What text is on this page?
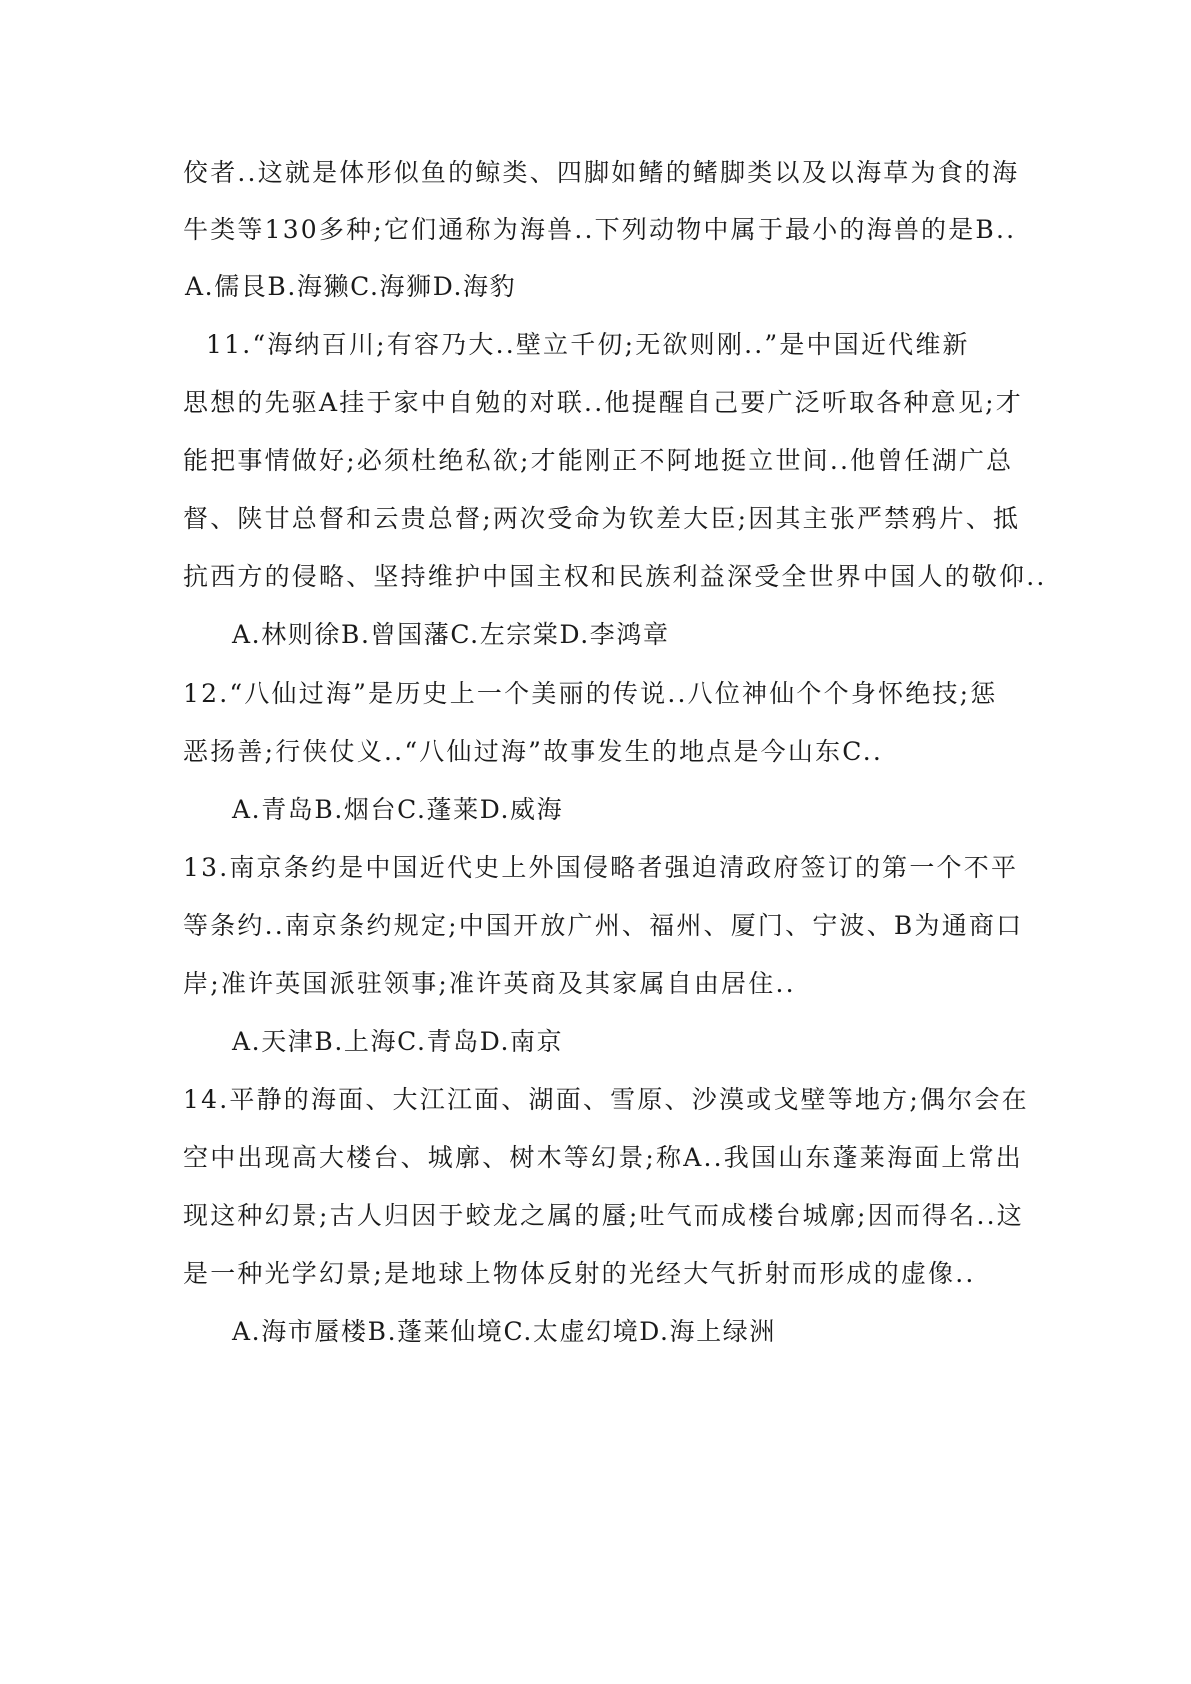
佼者..这就是体形似鱼的鲸类、四脚如鳍的鳍脚类以及以海草为食的海
牛类等130多种;它们通称为海兽..下列动物中属于最小的海兽的是B..
A.儒艮B.海獭C.海狮D.海豹
11.“海纳百川;有容乃大..壁立千仞;无欲则刚..”是中国近代维新
思想的先驱A挂于家中自勉的对联..他提醒自己要广泛听取各种意见;才
能把事情做好;必须杜绝私欲;才能刚正不阿地挺立世间..他曾任湖广总
督、陕甘总督和云贵总督;两次受命为钦差大臣;因其主张严禁鸦片、抵
抗西方的侵略、坚持维护中国主权和民族利益深受全世界中国人的敬仰..
A.林则徐B.曾国藩C.左宗棠D.李鸿章
12.“八仙过海”是历史上一个美丽的传说..八位神仙个个身怀绝技;惩
恶扬善;行侠仗义..“八仙过海”故事发生的地点是今山东C..
A.青岛B.烟台C.蓬莱D.威海
13.南京条约是中国近代史上外国侵略者强迫清政府签订的第一个不平
等条约..南京条约规定;中国开放广州、福州、厦门、宁波、B为通商口
岸;准许英国派驻领事;准许英商及其家属自由居住..
A.天津B.上海C.青岛D.南京
14.平静的海面、大江江面、湖面、雪原、沙漠或戈壁等地方;偶尔会在
空中出现高大楼台、城廓、树木等幻景;称A..我国山东蓬莱海面上常出
现这种幻景;古人归因于蛟龙之属的蜃;吐气而成楼台城廓;因而得名..这
是一种光学幻景;是地球上物体反射的光经大气折射而形成的虚像..
A.海市蜃楼B.蓬莱仙境C.太虚幻境D.海上绿洲
